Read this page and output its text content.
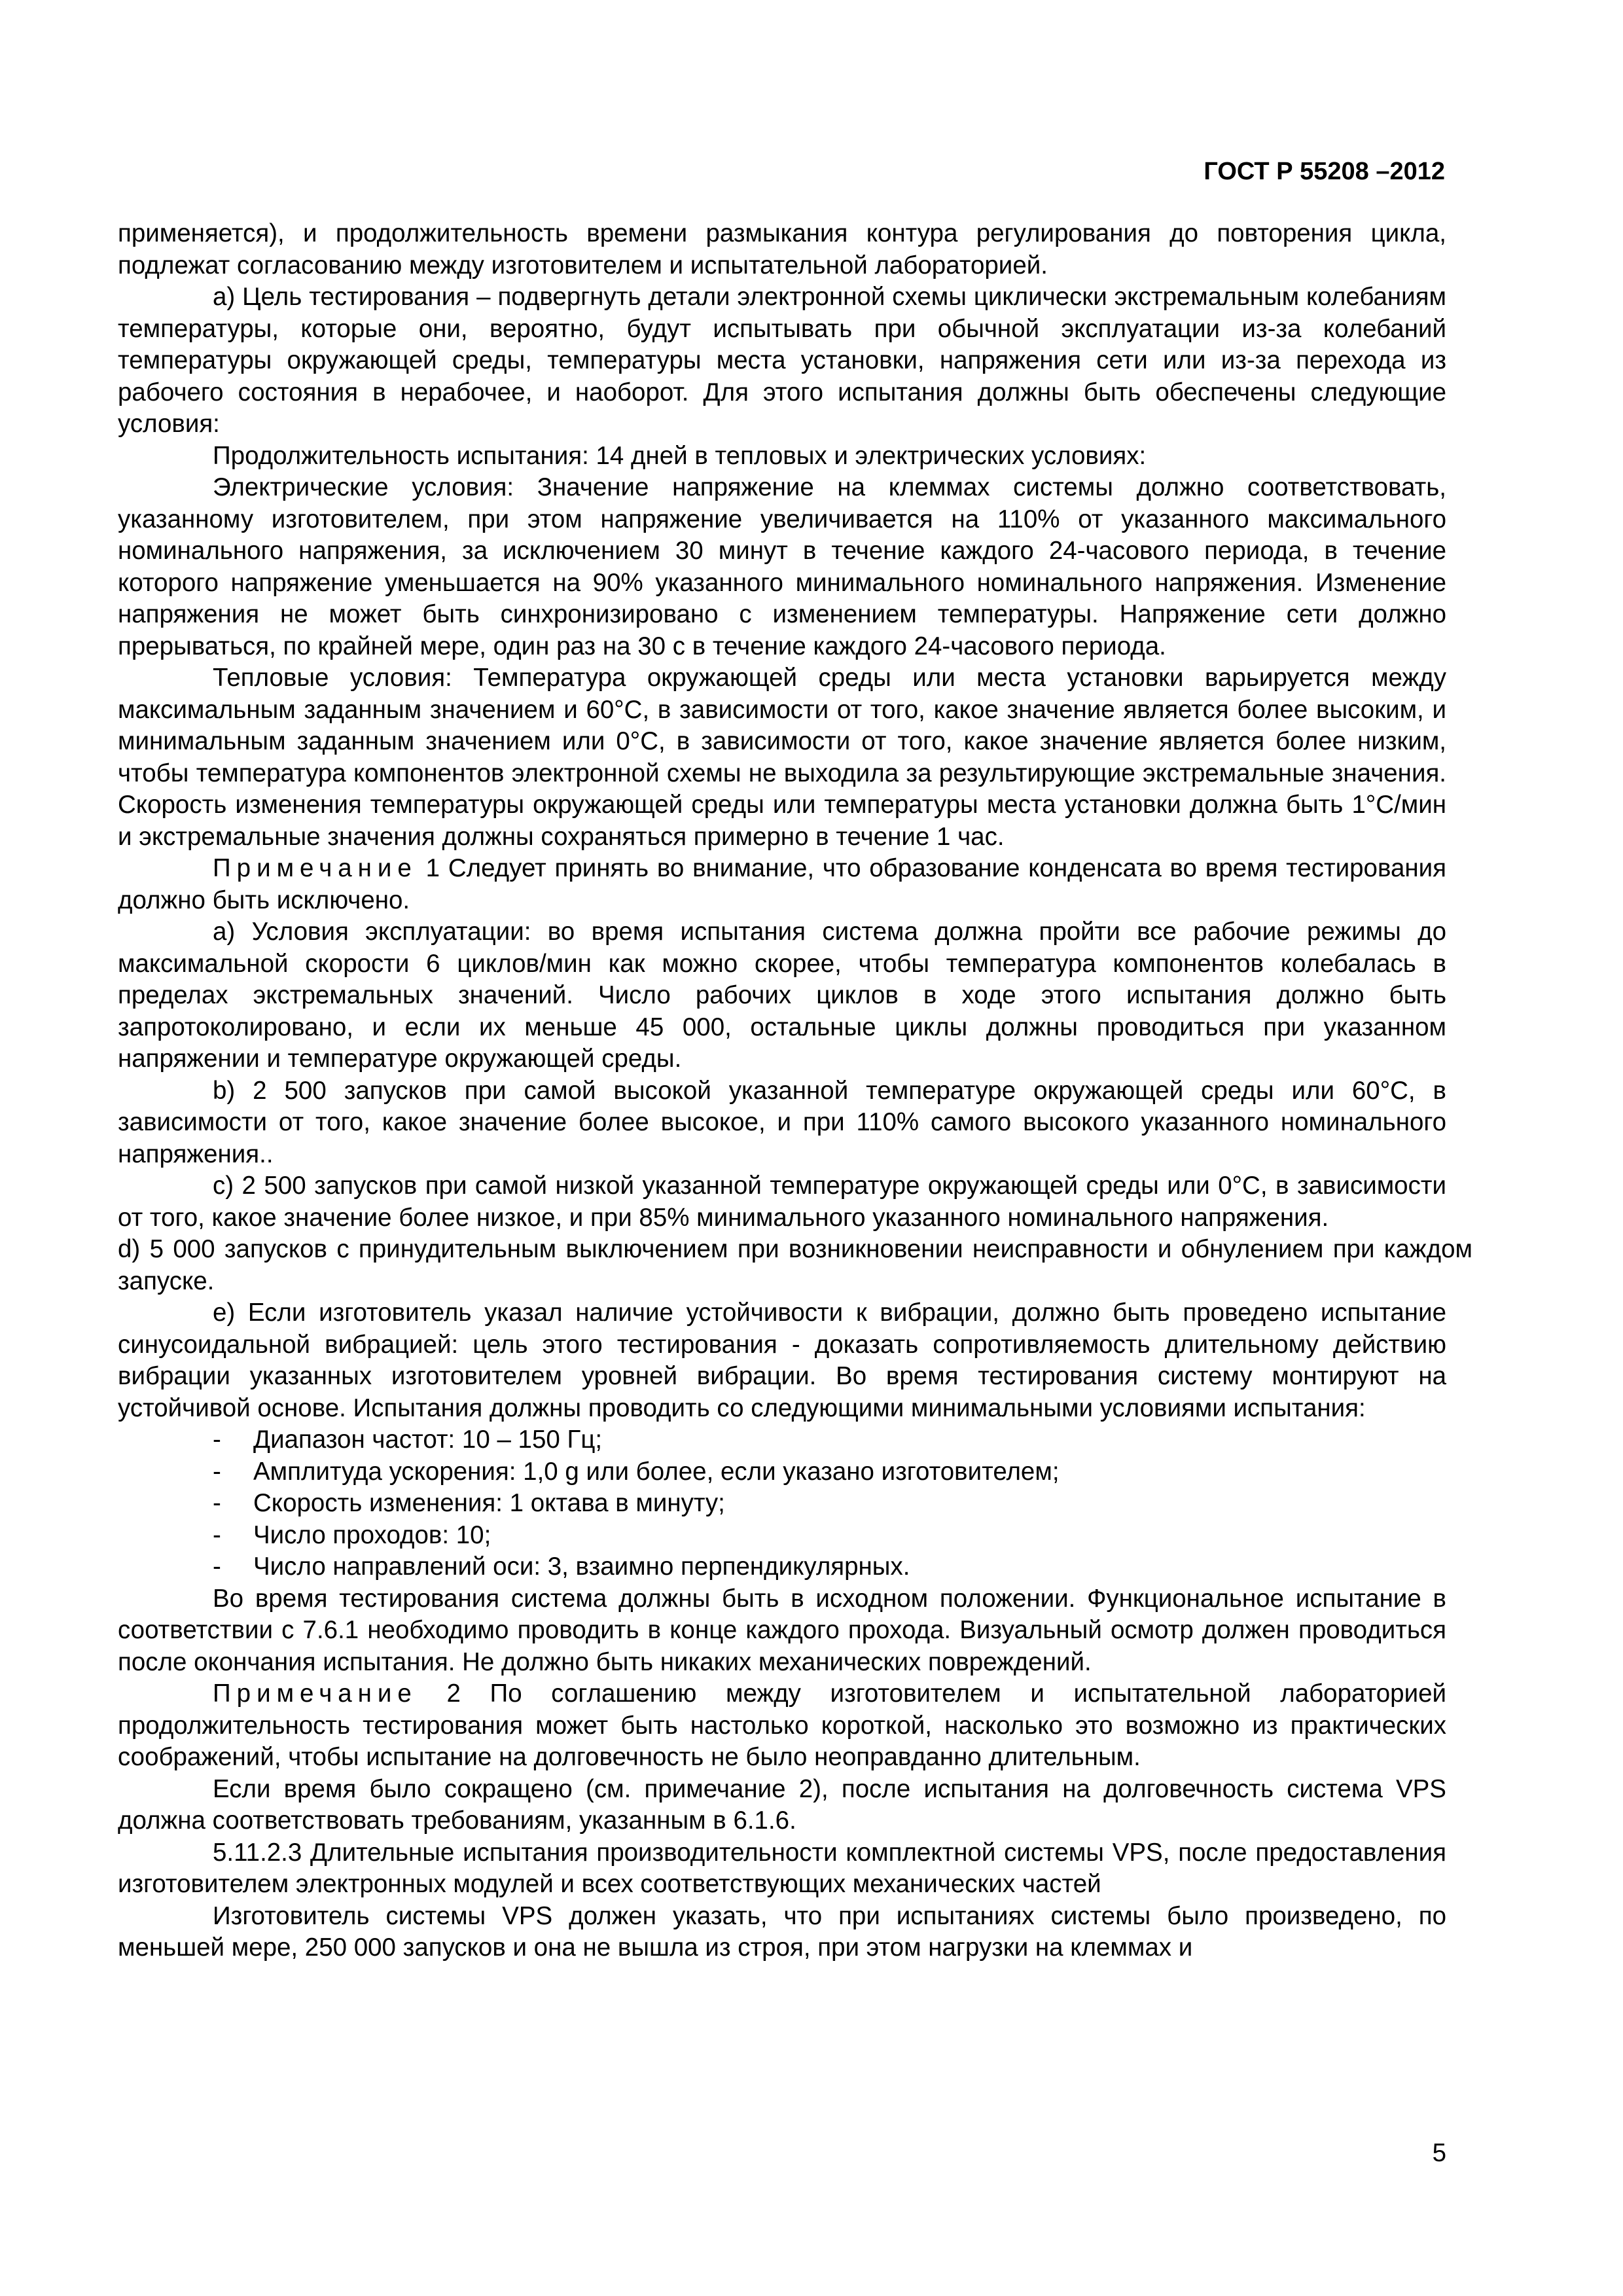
ГОСТ Р 55208 –2012

применяется), и продолжительность времени размыкания контура регулирования до повторения цикла, подлежат согласованию между изготовителем и испытательной лабораторией.

а) Цель тестирования – подвергнуть детали электронной схемы циклически экстремальным колебаниям температуры, которые они, вероятно, будут испытывать при обычной эксплуатации из-за колебаний температуры окружающей среды, температуры места установки, напряжения сети или из-за перехода из рабочего состояния в нерабочее, и наоборот. Для этого испытания должны быть обеспечены следующие условия:

Продолжительность испытания: 14 дней в тепловых и электрических условиях:

Электрические условия: Значение напряжение на клеммах системы должно соответствовать, указанному изготовителем, при этом напряжение увеличивается на 110% от указанного максимального номинального напряжения, за исключением 30 минут в течение каждого 24-часового периода, в течение которого напряжение уменьшается на 90% указанного минимального номинального напряжения. Изменение напряжения не может быть синхронизировано с изменением температуры. Напряжение сети должно прерываться, по крайней мере, один раз на 30 с в течение каждого 24-часового периода.

Тепловые условия: Температура окружающей среды или места установки варьируется между максимальным заданным значением и 60°С, в зависимости от того, какое значение является более высоким, и минимальным заданным значением или 0°С, в зависимости от того, какое значение является более низким, чтобы температура компонентов электронной схемы не выходила за результирующие экстремальные значения. Скорость изменения температуры окружающей среды или температуры места установки должна быть 1°С/мин и экстремальные значения должны сохраняться примерно в течение 1 час.

Примечание 1 Следует принять во внимание, что образование конденсата во время тестирования должно быть исключено.

а) Условия эксплуатации: во время испытания система должна пройти все рабочие режимы до максимальной скорости 6 циклов/мин как можно скорее, чтобы температура компонентов колебалась в пределах экстремальных значений. Число рабочих циклов в ходе этого испытания должно быть запротоколировано, и если их меньше 45 000, остальные циклы должны проводиться при указанном напряжении и температуре окружающей среды.

b) 2 500 запусков при самой высокой указанной температуре окружающей среды или 60°С, в зависимости от того, какое значение более высокое, и при 110% самого высокого указанного номинального напряжения..

c) 2 500 запусков при самой низкой указанной температуре окружающей среды или 0°С, в зависимости от того, какое значение более низкое, и при 85% минимального указанного номинального напряжения.

d) 5 000 запусков с принудительным выключением при возникновении неисправности и обнулением при каждом запуске.

е) Если изготовитель указал наличие устойчивости к вибрации, должно быть проведено испытание синусоидальной вибрацией: цель этого тестирования - доказать сопротивляемость длительному действию вибрации указанных изготовителем уровней вибрации. Во время тестирования систему монтируют на устойчивой основе. Испытания должны проводить со следующими минимальными условиями испытания:

- Диапазон частот: 10 – 150 Гц;
- Амплитуда ускорения: 1,0 g или более, если указано изготовителем;
- Скорость изменения: 1 октава в минуту;
- Число проходов: 10;
- Число направлений оси: 3, взаимно перпендикулярных.

Во время тестирования система должны быть в исходном положении. Функциональное испытание в соответствии с 7.6.1 необходимо проводить в конце каждого прохода. Визуальный осмотр должен проводиться после окончания испытания. Не должно быть никаких механических повреждений.

Примечание 2 По соглашению между изготовителем и испытательной лабораторией продолжительность тестирования может быть настолько короткой, насколько это возможно из практических соображений, чтобы испытание на долговечность не было неоправданно длительным.

Если время было сокращено (см. примечание 2), после испытания на долговечность система VPS должна соответствовать требованиям, указанным в 6.1.6.

5.11.2.3 Длительные испытания производительности комплектной системы VPS, после предоставления изготовителем электронных модулей и всех соответствующих механических частей

Изготовитель системы VPS должен указать, что при испытаниях системы было произведено, по меньшей мере, 250 000 запусков и она не вышла из строя, при этом нагрузки на клеммах и

5
